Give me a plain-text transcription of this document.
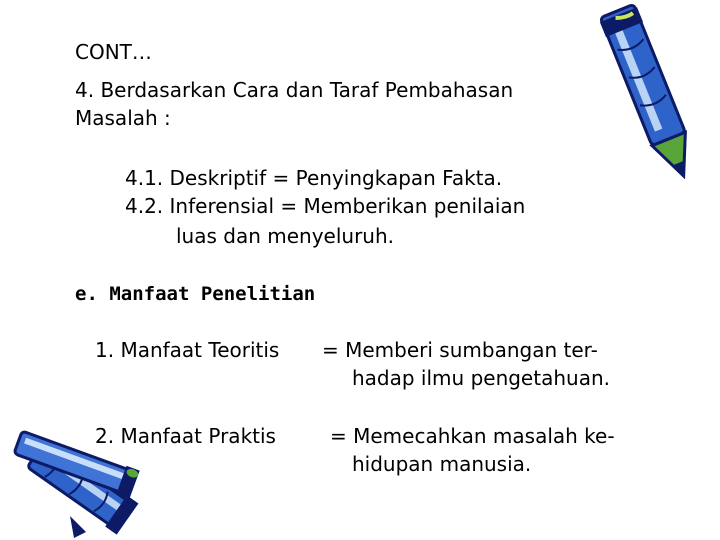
CONT…
4. Berdasarkan Cara dan Taraf Pembahasan
Masalah :
4.1. Deskriptif = Penyingkapan Fakta.
4.2. Inferensial = Memberikan penilaian
luas dan menyeluruh.
e. Manfaat Penelitian
1. Manfaat Teoritis = Memberi sumbangan ter-
hadap ilmu pengetahuan.
2. Manfaat Praktis	= Memecahkan masalah ke-
hidupan manusia.
